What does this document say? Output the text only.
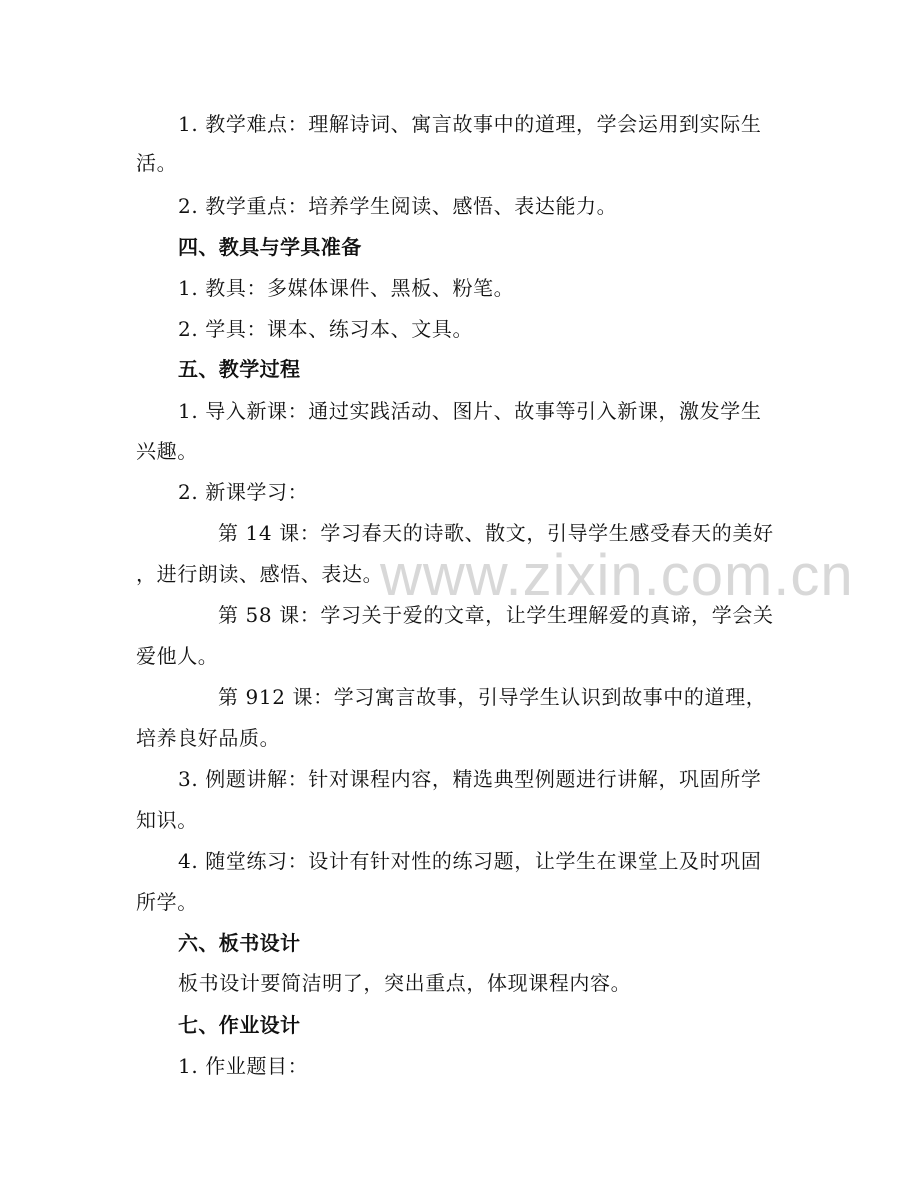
1. 教学难点：理解诗词、寓言故事中的道理，学会运用到实际生
活。
2. 教学重点：培养学生阅读、感悟、表达能力。
四、教具与学具准备
1. 教具：多媒体课件、黑板、粉笔。
2. 学具：课本、练习本、文具。
五、教学过程
1. 导入新课：通过实践活动、图片、故事等引入新课，激发学生
兴趣。
2. 新课学习：
第 14 课：学习春天的诗歌、散文，引导学生感受春天的美好
，进行朗读、感悟、表达。
第 58 课：学习关于爱的文章，让学生理解爱的真谛，学会关
爱他人。
第 912 课：学习寓言故事，引导学生认识到故事中的道理，
培养良好品质。
3. 例题讲解：针对课程内容，精选典型例题进行讲解，巩固所学
知识。
4. 随堂练习：设计有针对性的练习题，让学生在课堂上及时巩固
所学。
六、板书设计
板书设计要简洁明了，突出重点，体现课程内容。
七、作业设计
1. 作业题目：
www.zixin.com.cn
